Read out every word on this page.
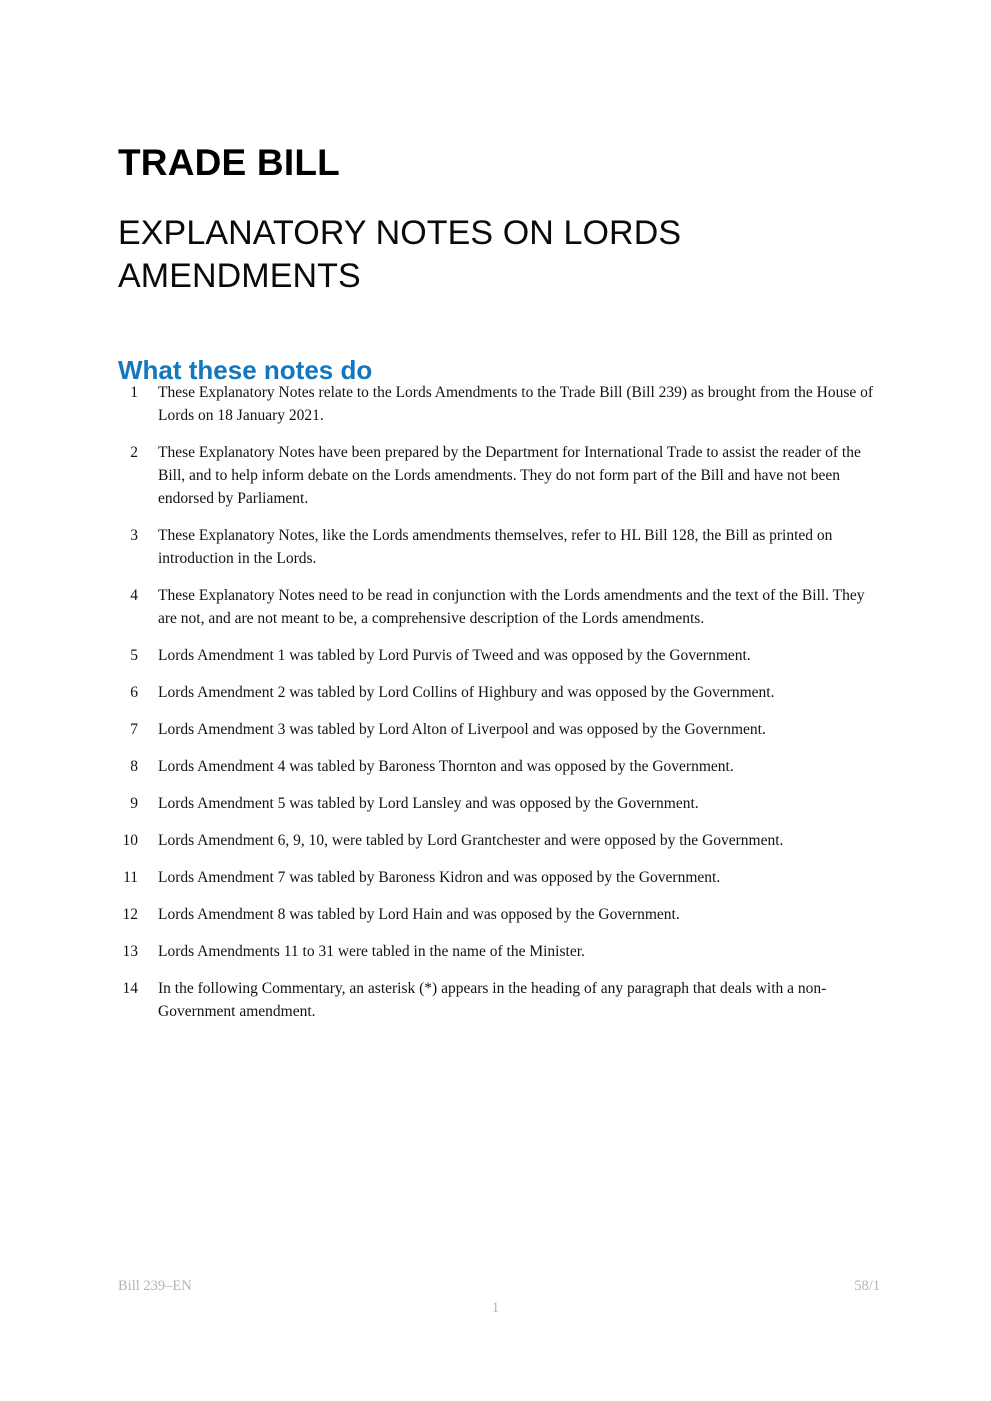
TRADE BILL
EXPLANATORY NOTES ON LORDS AMENDMENTS
What these notes do
1	These Explanatory Notes relate to the Lords Amendments to the Trade Bill (Bill 239) as brought from the House of Lords on 18 January 2021.
2	These Explanatory Notes have been prepared by the Department for International Trade to assist the reader of the Bill, and to help inform debate on the Lords amendments. They do not form part of the Bill and have not been endorsed by Parliament.
3	These Explanatory Notes, like the Lords amendments themselves, refer to HL Bill 128, the Bill as printed on introduction in the Lords.
4	These Explanatory Notes need to be read in conjunction with the Lords amendments and the text of the Bill. They are not, and are not meant to be, a comprehensive description of the Lords amendments.
5	Lords Amendment 1 was tabled by Lord Purvis of Tweed and was opposed by the Government.
6	Lords Amendment 2 was tabled by Lord Collins of Highbury and was opposed by the Government.
7	Lords Amendment 3 was tabled by Lord Alton of Liverpool and was opposed by the Government.
8	Lords Amendment 4 was tabled by Baroness Thornton and was opposed by the Government.
9	Lords Amendment 5 was tabled by Lord Lansley and was opposed by the Government.
10	Lords Amendment 6, 9, 10, were tabled by Lord Grantchester and were opposed by the Government.
11	Lords Amendment 7 was tabled by Baroness Kidron and was opposed by the Government.
12	Lords Amendment 8 was tabled by Lord Hain and was opposed by the Government.
13	Lords Amendments 11 to 31 were tabled in the name of the Minister.
14	In the following Commentary, an asterisk (*) appears in the heading of any paragraph that deals with a non-Government amendment.
Bill 239–EN	58/1
1
